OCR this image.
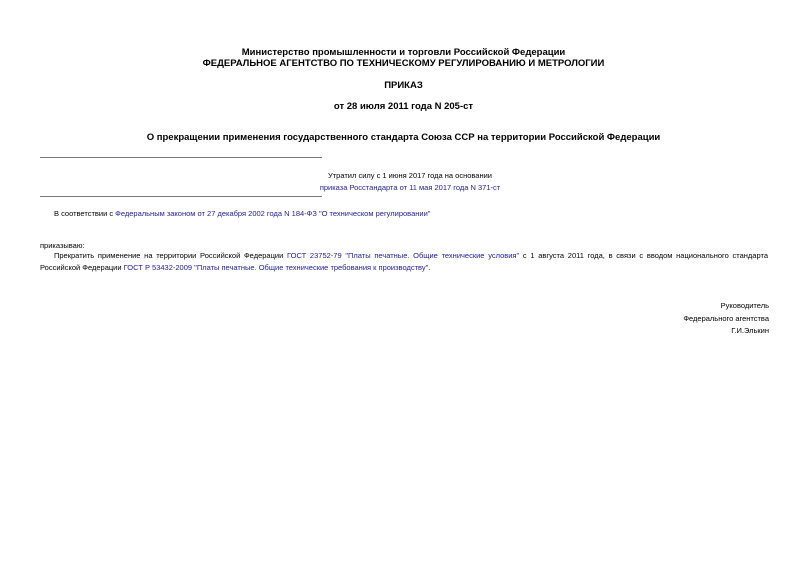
Министерство промышленности и торговли Российской Федерации
ФЕДЕРАЛЬНОЕ АГЕНТСТВО ПО ТЕХНИЧЕСКОМУ РЕГУЛИРОВАНИЮ И МЕТРОЛОГИИ
ПРИКАЗ
от 28 июля 2011 года N 205-ст
О прекращении применения государственного стандарта Союза ССР на территории Российской Федерации
Утратил силу с 1 июня 2017 года на основании
приказа Росстандарта от 11 мая 2017 года N 371-ст
В соответствии с Федеральным законом от 27 декабря 2002 года N 184-ФЗ "О техническом регулировании"
приказываю:
Прекратить применение на территории Российской Федерации ГОСТ 23752-79 "Платы печатные. Общие технические условия" с 1 августа 2011 года, в связи с вводом национального стандарта Российской Федерации ГОСТ Р 53432-2009 "Платы печатные. Общие технические требования к производству".
Руководитель
Федерального агентства
Г.И.Элькин
